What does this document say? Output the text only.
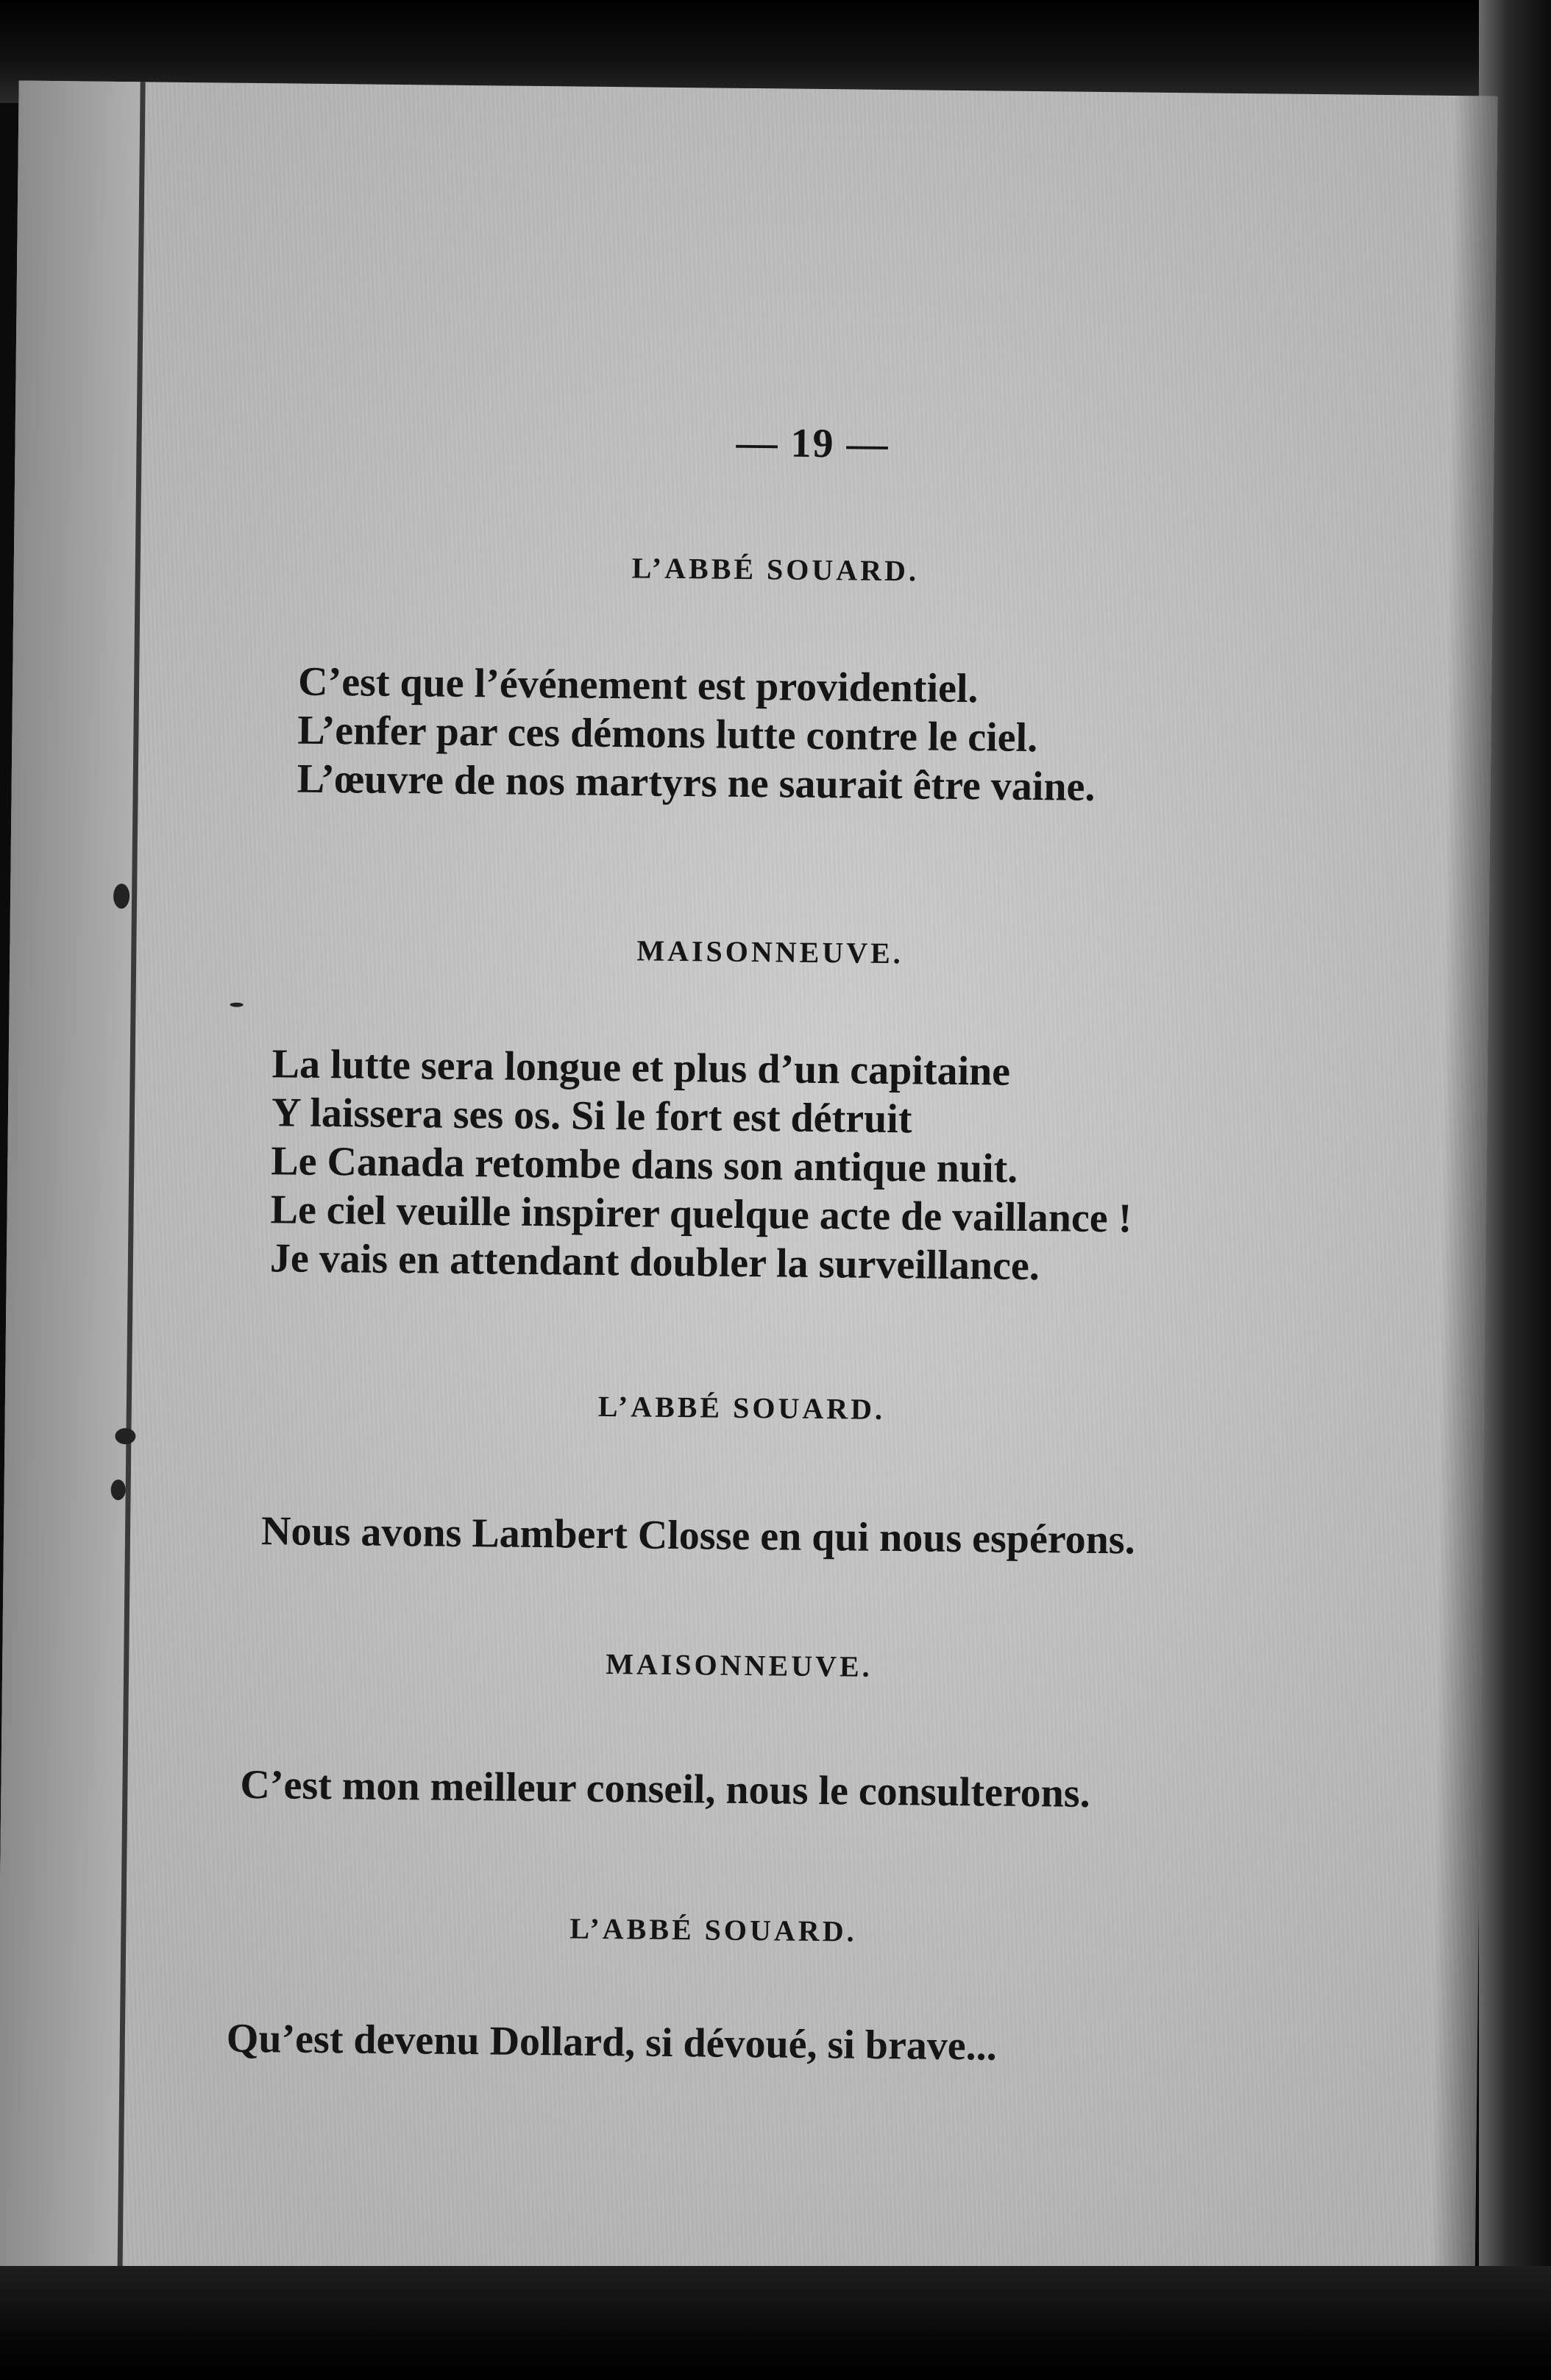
— 19 —
L’ABBÉ SOUARD.
C’est que l’événement est providentiel.
L’enfer par ces démons lutte contre le ciel.
L’œuvre de nos martyrs ne saurait être vaine.
MAISONNEUVE.
La lutte sera longue et plus d’un capitaine
Y laissera ses os. Si le fort est détruit
Le Canada retombe dans son antique nuit.
Le ciel veuille inspirer quelque acte de vaillance !
Je vais en attendant doubler la surveillance.
L’ABBÉ SOUARD.
Nous avons Lambert Closse en qui nous espérons.
MAISONNEUVE.
C’est mon meilleur conseil, nous le consulterons.
L’ABBÉ SOUARD.
Qu’est devenu Dollard, si dévoué, si brave...
